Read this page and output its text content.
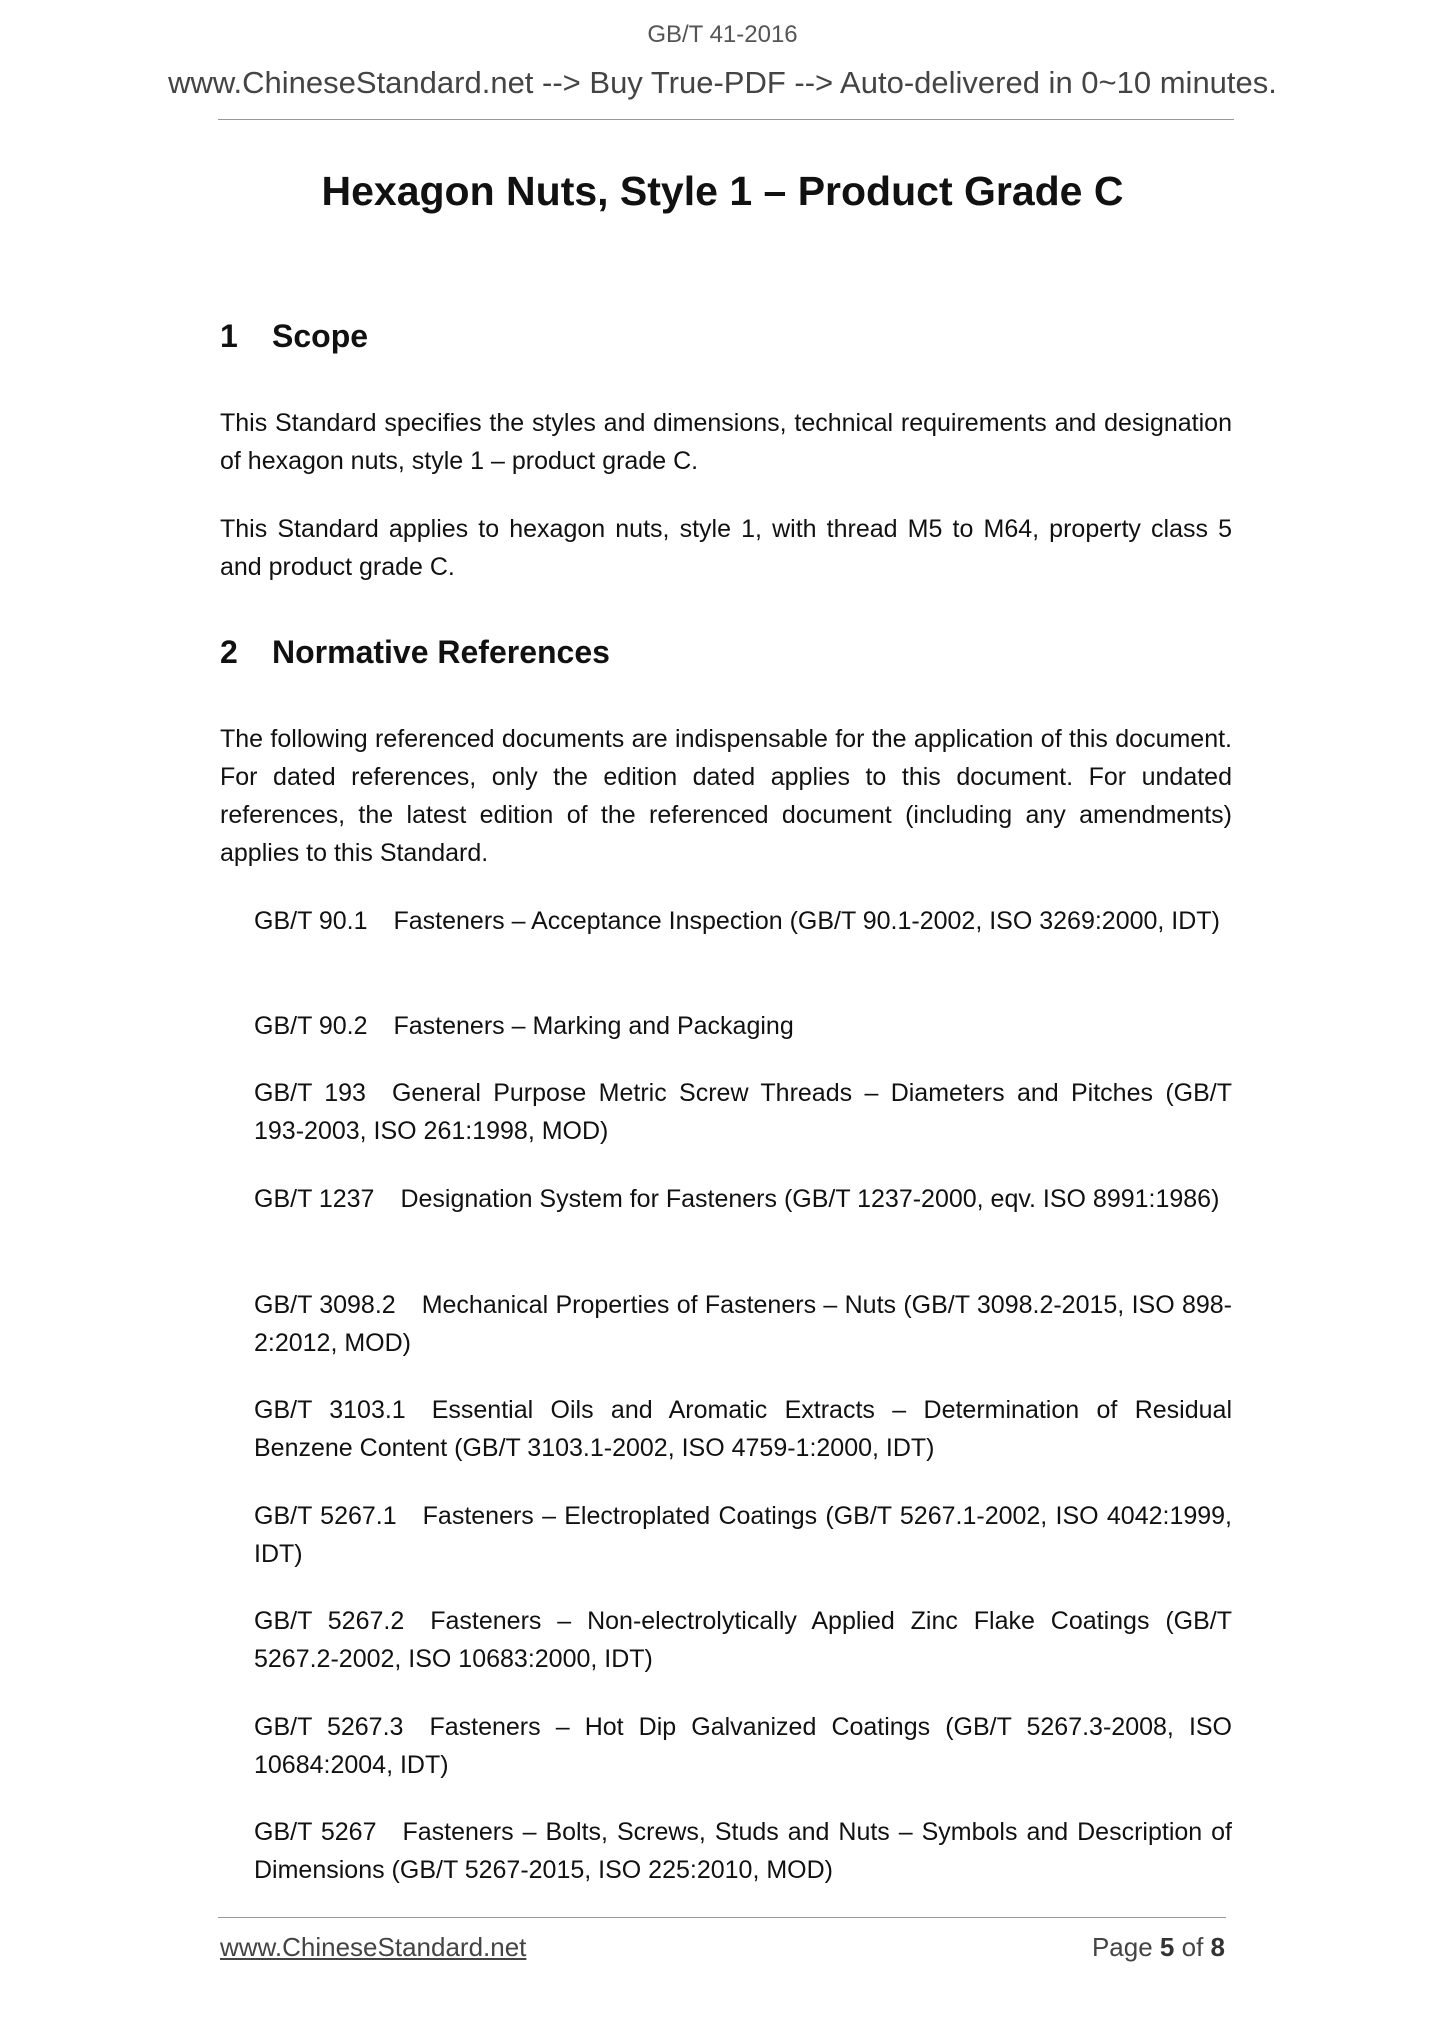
GB/T 41-2016
www.ChineseStandard.net --> Buy True-PDF --> Auto-delivered in 0~10 minutes.
Hexagon Nuts, Style 1 – Product Grade C
1 Scope
This Standard specifies the styles and dimensions, technical requirements and designation of hexagon nuts, style 1 – product grade C.
This Standard applies to hexagon nuts, style 1, with thread M5 to M64, property class 5 and product grade C.
2 Normative References
The following referenced documents are indispensable for the application of this document. For dated references, only the edition dated applies to this document. For undated references, the latest edition of the referenced document (including any amendments) applies to this Standard.
GB/T 90.1 Fasteners – Acceptance Inspection (GB/T 90.1-2002, ISO 3269:2000, IDT)
GB/T 90.2 Fasteners – Marking and Packaging
GB/T 193 General Purpose Metric Screw Threads – Diameters and Pitches (GB/T 193-2003, ISO 261:1998, MOD)
GB/T 1237 Designation System for Fasteners (GB/T 1237-2000, eqv. ISO 8991:1986)
GB/T 3098.2 Mechanical Properties of Fasteners – Nuts (GB/T 3098.2-2015, ISO 898-2:2012, MOD)
GB/T 3103.1 Essential Oils and Aromatic Extracts – Determination of Residual Benzene Content (GB/T 3103.1-2002, ISO 4759-1:2000, IDT)
GB/T 5267.1 Fasteners – Electroplated Coatings (GB/T 5267.1-2002, ISO 4042:1999, IDT)
GB/T 5267.2 Fasteners – Non-electrolytically Applied Zinc Flake Coatings (GB/T 5267.2-2002, ISO 10683:2000, IDT)
GB/T 5267.3 Fasteners – Hot Dip Galvanized Coatings (GB/T 5267.3-2008, ISO 10684:2004, IDT)
GB/T 5267 Fasteners – Bolts, Screws, Studs and Nuts – Symbols and Description of Dimensions (GB/T 5267-2015, ISO 225:2010, MOD)
www.ChineseStandard.net	Page 5 of 8
